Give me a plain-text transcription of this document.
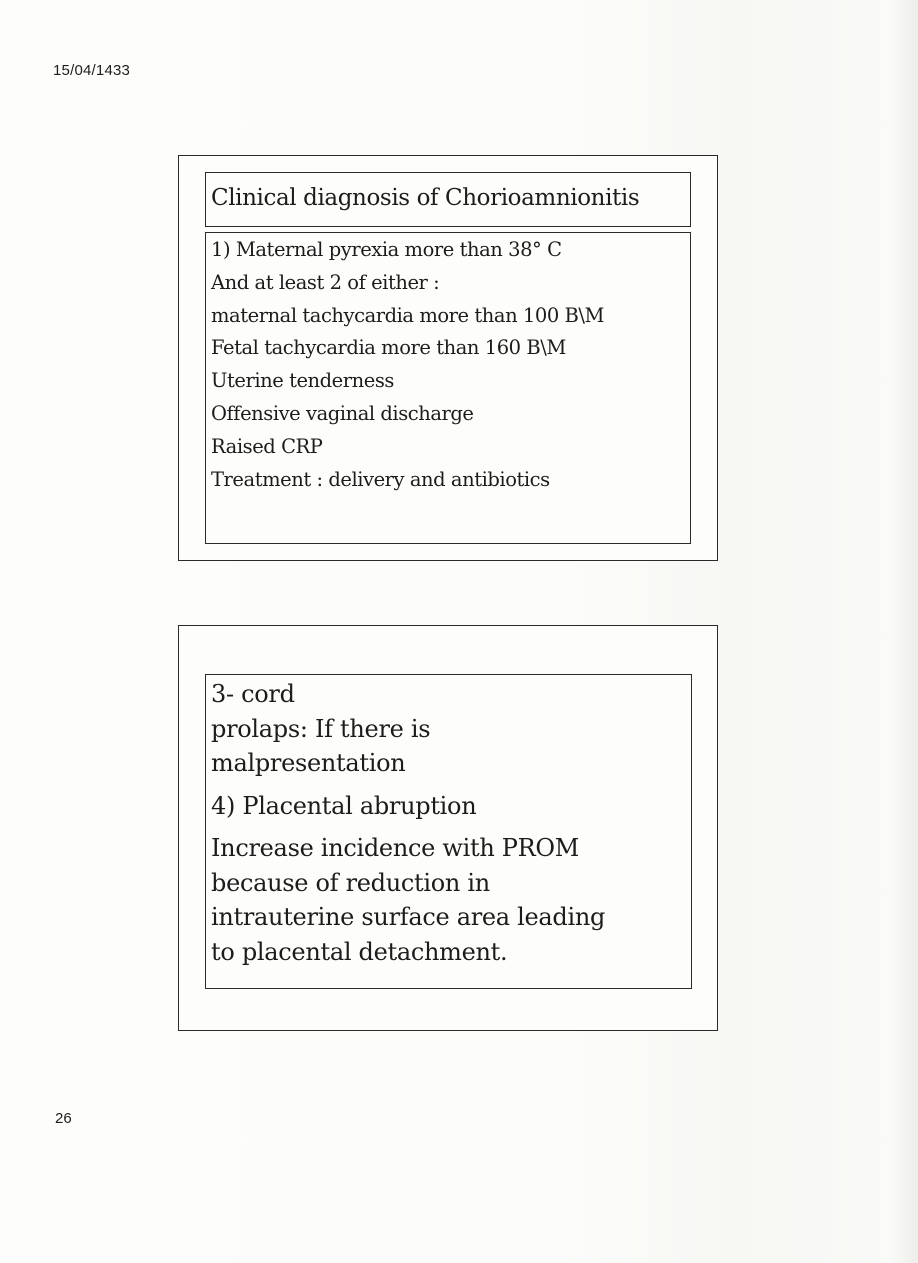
15/04/1433
Clinical diagnosis of Chorioamnionitis
1) Maternal pyrexia more than 38° C
And at least 2 of either :
maternal tachycardia more than 100 B\M
Fetal tachycardia more than 160 B\M
Uterine tenderness
Offensive vaginal discharge
Raised CRP
Treatment : delivery and antibiotics
3- cord
prolaps: If there is
malpresentation
4) Placental abruption
Increase incidence with PROM
because of reduction in
intrauterine surface area leading
to placental detachment.
26
